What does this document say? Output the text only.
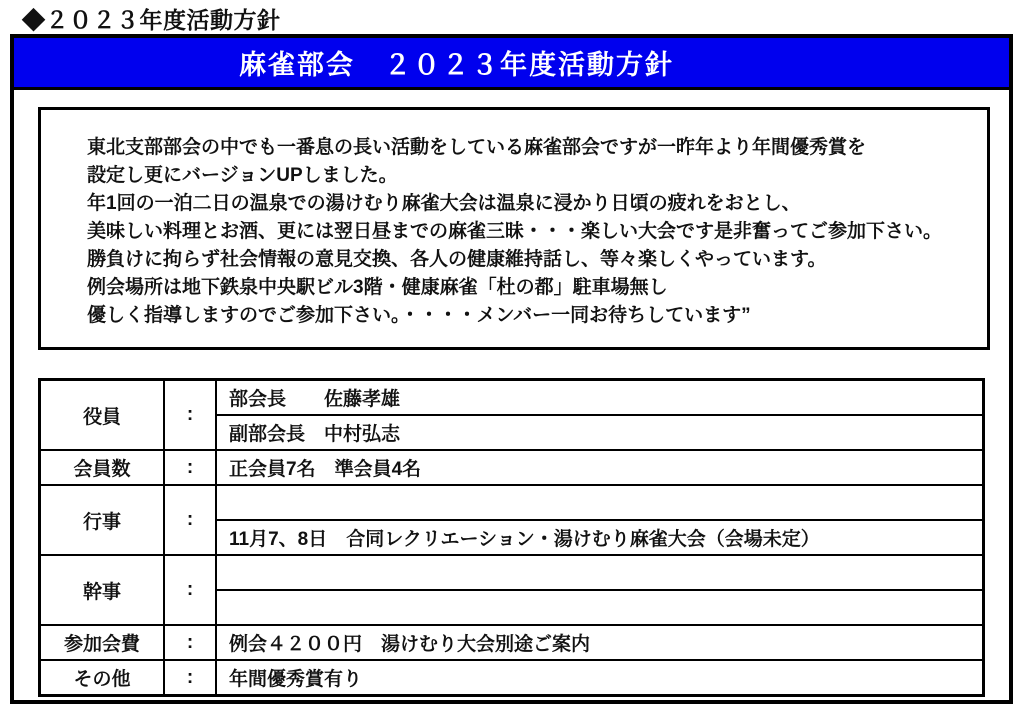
◆２０２３年度活動方針
麻雀部会　２０２３年度活動方針
東北支部部会の中でも一番息の長い活動をしている麻雀部会ですが一昨年より年間優秀賞を
設定し更にバージョンUPしました。
年1回の一泊二日の温泉での湯けむり麻雀大会は温泉に浸かり日頃の疲れをおとし、
美味しい料理とお酒、更には翌日昼までの麻雀三昧・・・楽しい大会です是非奮ってご参加下さい。
勝負けに拘らず社会情報の意見交換、各人の健康維持話し、等々楽しくやっています。
例会場所は地下鉄泉中央駅ビル3階・健康麻雀「杜の都」駐車場無し
優しく指導しますのでご参加下さい。・・・・メンバー一同お待ちしています”
役員	:	部会長　　佐藤孝雄
		副部会長　中村弘志
会員数	:	正会員7名　準会員4名
行事	:	
		11月7、8日　合同レクリエーション・湯けむり麻雀大会（会場未定）
幹事	:	

参加会費	:	例会４２００円　湯けむり大会別途ご案内
その他	:	年間優秀賞有り
